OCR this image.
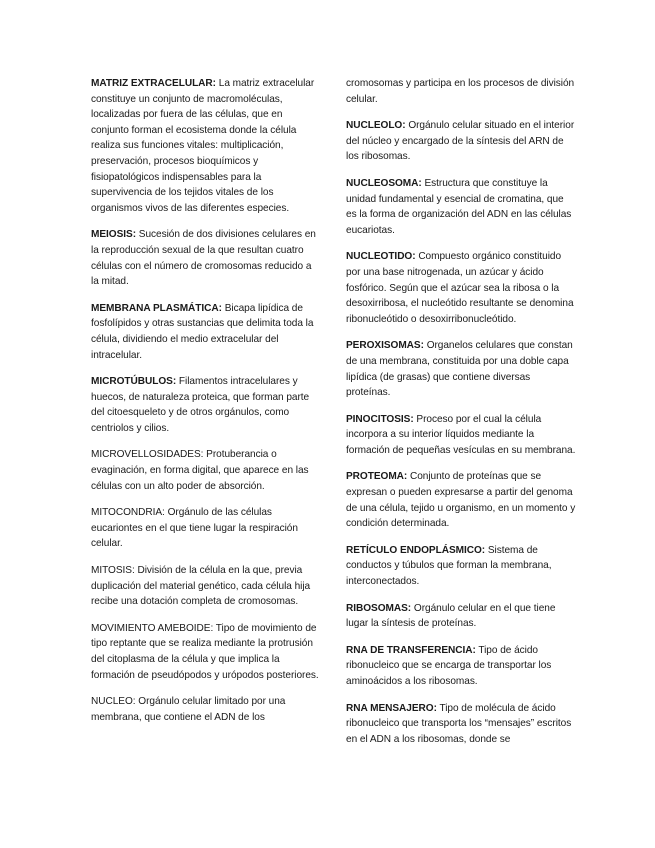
MATRIZ EXTRACELULAR: La matriz extracelular constituye un conjunto de macromoléculas, localizadas por fuera de las células, que en conjunto forman el ecosistema donde la célula realiza sus funciones vitales: multiplicación, preservación, procesos bioquímicos y fisiopatológicos indispensables para la supervivencia de los tejidos vitales de los organismos vivos de las diferentes especies.

MEIOSIS: Sucesión de dos divisiones celulares en la reproducción sexual de la que resultan cuatro células con el número de cromosomas reducido a la mitad.

MEMBRANA PLASMÁTICA: Bicapa lipídica de fosfolípidos y otras sustancias que delimita toda la célula, dividiendo el medio extracelular del intracelular.

MICROTÚBULOS: Filamentos intracelulares y huecos, de naturaleza proteica, que forman parte del citoesqueleto y de otros orgánulos, como centriolos y cilios.

MICROVELLOSIDADES: Protuberancia o evaginación, en forma digital, que aparece en las células con un alto poder de absorción.

MITOCONDRIA: Orgánulo de las células eucariontes en el que tiene lugar la respiración celular.

MITOSIS: División de la célula en la que, previa duplicación del material genético, cada célula hija recibe una dotación completa de cromosomas.

MOVIMIENTO AMEBOIDE: Tipo de movimiento de tipo reptante que se realiza mediante la protrusión del citoplasma de la célula y que implica la formación de pseudópodos y urópodos posteriores.

NUCLEO: Orgánulo celular limitado por una membrana, que contiene el ADN de los

cromosomas y participa en los procesos de división celular.

NUCLEOLO: Orgánulo celular situado en el interior del núcleo y encargado de la síntesis del ARN de los ribosomas.

NUCLEOSOMA: Estructura que constituye la unidad fundamental y esencial de cromatina, que es la forma de organización del ADN en las células eucariotas.

NUCLEOTIDO: Compuesto orgánico constituido por una base nitrogenada, un azúcar y ácido fosfórico. Según que el azúcar sea la ribosa o la desoxirribosa, el nucleótido resultante se denomina ribonucleótido o desoxirribonucleótido.

PEROXISOMAS: Organelos celulares que constan de una membrana, constituida por una doble capa lipídica (de grasas) que contiene diversas proteínas.

PINOCITOSIS: Proceso por el cual la célula incorpora a su interior líquidos mediante la formación de pequeñas vesículas en su membrana.

PROTEOMA: Conjunto de proteínas que se expresan o pueden expresarse a partir del genoma de una célula, tejido u organismo, en un momento y condición determinada.

RETÍCULO ENDOPLÁSMICO: Sistema de conductos y túbulos que forman la membrana, interconectados.

RIBOSOMAS: Orgánulo celular en el que tiene lugar la síntesis de proteínas.

RNA DE TRANSFERENCIA: Tipo de ácido ribonucleico que se encarga de transportar los aminoácidos a los ribosomas.

RNA MENSAJERO: Tipo de molécula de ácido ribonucleico que transporta los “mensajes” escritos en el ADN a los ribosomas, donde se
